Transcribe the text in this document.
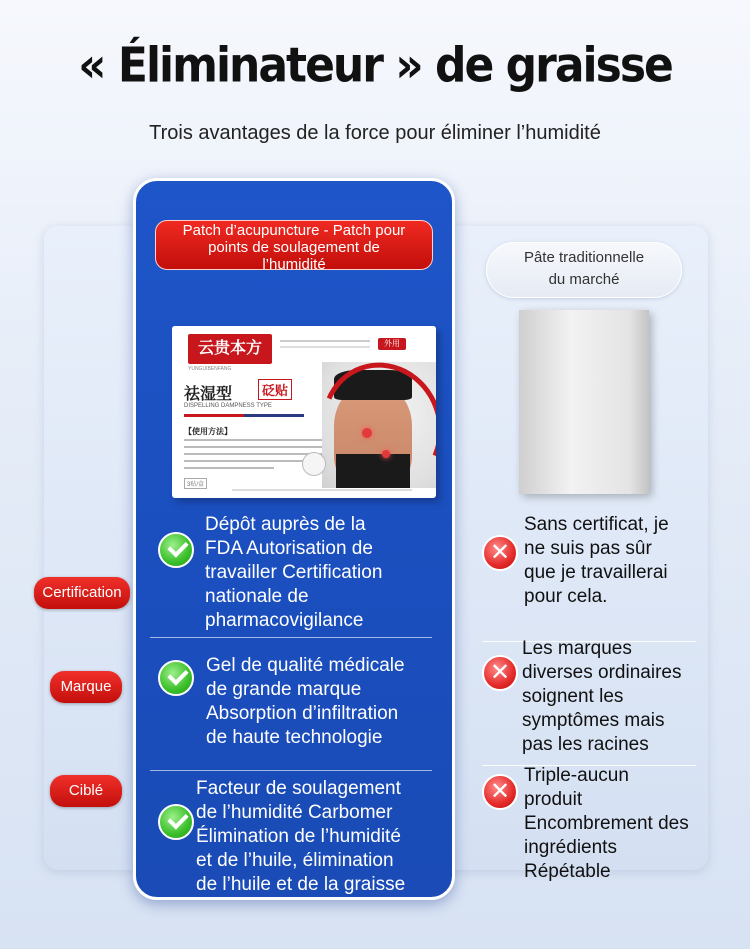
« Éliminateur » de graisse
Trois avantages de la force pour éliminer l’humidité
Patch d’acupuncture - Patch pour
points de soulagement de
l’humidité
云贵本方
YUNGUIBENFANG
外用
祛湿型	砭贴
DISPELLING DAMPNESS TYPE
【使用方法】
3贴/盒
Pâte traditionnelle
du marché
Certification
Dépôt auprès de la
FDA Autorisation de
travailler Certification
nationale de
pharmacovigilance
✕
Sans certificat, je
ne suis pas sûr
que je travaillerai
pour cela.
Marque
Gel de qualité médicale
de grande marque
Absorption d’infiltration
de haute technologie
✕
Les marques
diverses ordinaires
soignent les
symptômes mais
pas les racines
Ciblé	Facteur de soulagement
de l’humidité Carbomer
Élimination de l’humidité
et de l’huile, élimination
de l’huile et de la graisse
✕
Triple-aucun
produit
Encombrement des
ingrédients
Répétable
